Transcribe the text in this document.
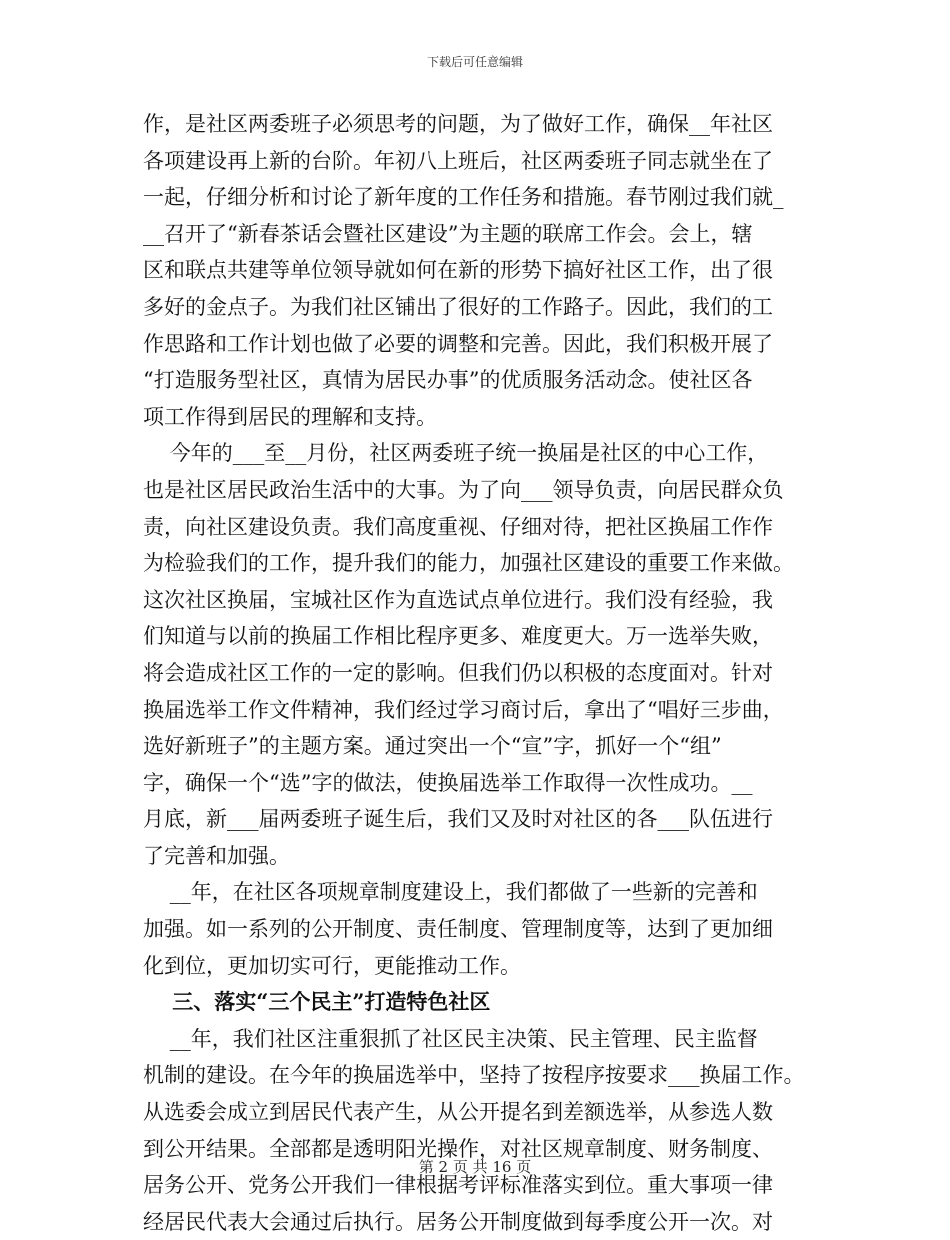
下载后可任意编辑
作，是社区两委班子必须思考的问题，为了做好工作，确保__年社区
各项建设再上新的台阶。年初八上班后，社区两委班子同志就坐在了
一起，仔细分析和讨论了新年度的工作任务和措施。春节刚过我们就_
__召开了“新春茶话会暨社区建设”为主题的联席工作会。会上，辖
区和联点共建等单位领导就如何在新的形势下搞好社区工作，出了很
多好的金点子。为我们社区铺出了很好的工作路子。因此，我们的工
作思路和工作计划也做了必要的调整和完善。因此，我们积极开展了
“打造服务型社区，真情为居民办事”的优质服务活动念。使社区各
项工作得到居民的理解和支持。
今年的___至__月份，社区两委班子统一换届是社区的中心工作，
也是社区居民政治生活中的大事。为了向___领导负责，向居民群众负
责，向社区建设负责。我们高度重视、仔细对待，把社区换届工作作
为检验我们的工作，提升我们的能力，加强社区建设的重要工作来做。
这次社区换届，宝城社区作为直选试点单位进行。我们没有经验，我
们知道与以前的换届工作相比程序更多、难度更大。万一选举失败，
将会造成社区工作的一定的影响。但我们仍以积极的态度面对。针对
换届选举工作文件精神，我们经过学习商讨后，拿出了“唱好三步曲，
选好新班子”的主题方案。通过突出一个“宣”字，抓好一个“组”
字，确保一个“选”字的做法，使换届选举工作取得一次性成功。__
月底，新___届两委班子诞生后，我们又及时对社区的各___队伍进行
了完善和加强。
__年，在社区各项规章制度建设上，我们都做了一些新的完善和
加强。如一系列的公开制度、责任制度、管理制度等，达到了更加细
化到位，更加切实可行，更能推动工作。
三、落实“三个民主”打造特色社区
__年，我们社区注重狠抓了社区民主决策、民主管理、民主监督
机制的建设。在今年的换届选举中，坚持了按程序按要求___换届工作。
从选委会成立到居民代表产生，从公开提名到差额选举，从参选人数
到公开结果。全部都是透明阳光操作，对社区规章制度、财务制度、
居务公开、党务公开我们一律根据考评标准落实到位。重大事项一律
经居民代表大会通过后执行。居务公开制度做到每季度公开一次。对
第 2 页 共 16 页
